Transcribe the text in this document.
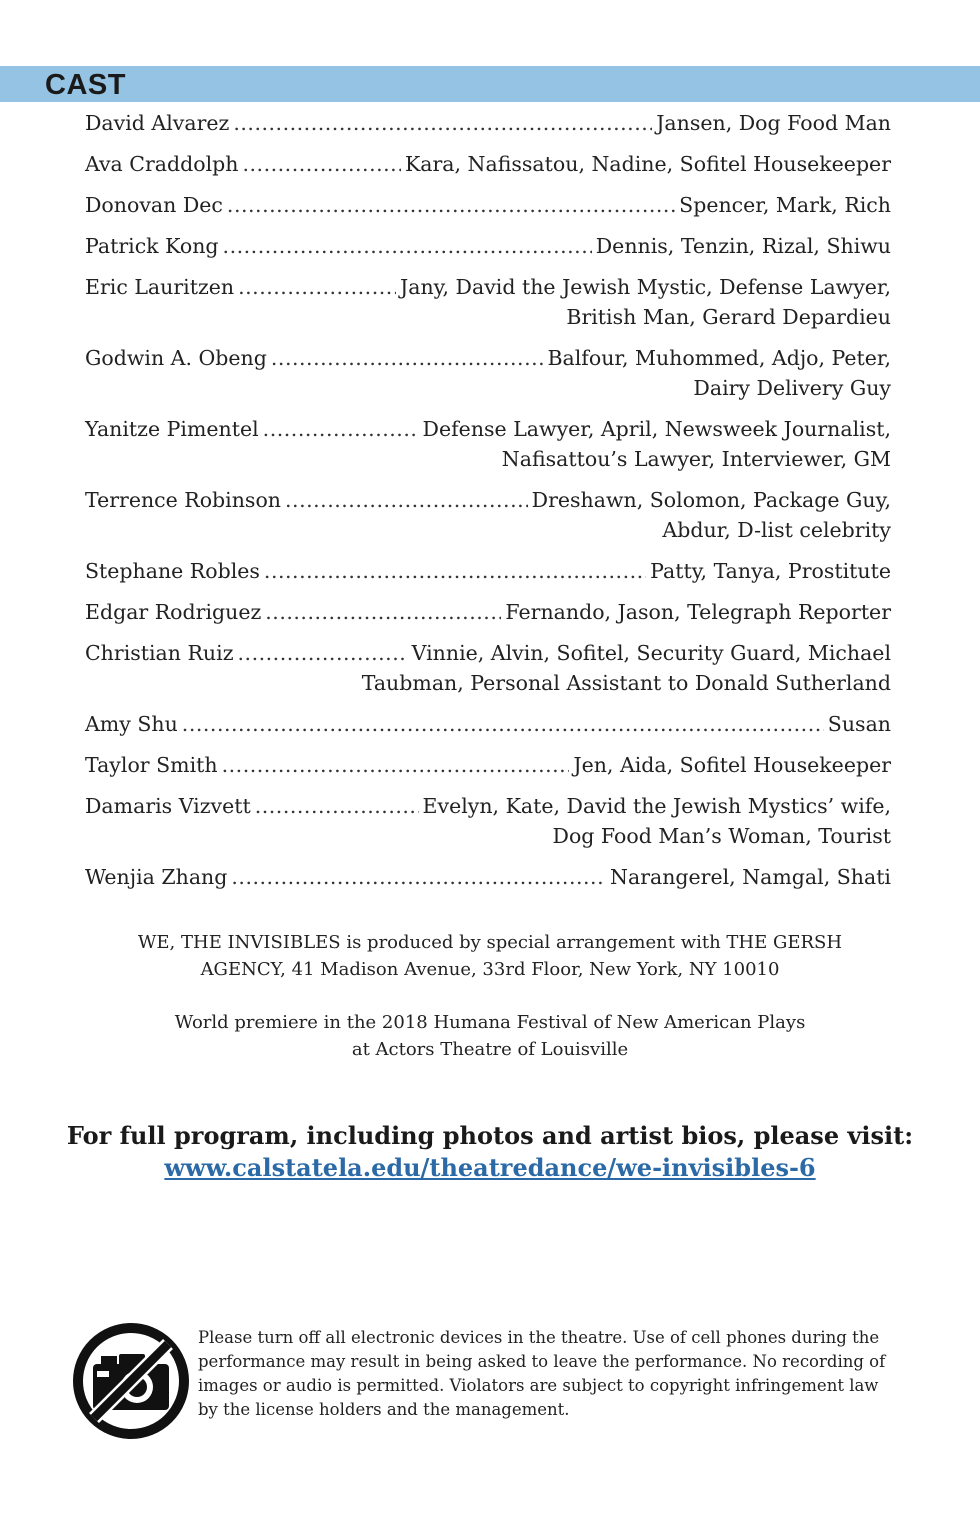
CAST
David Alvarez . . .	Jansen, Dog Food Man
Ava Craddolph . . .	Kara, Nafissatou, Nadine, Sofitel Housekeeper
Donovan Dec . . .	Spencer, Mark, Rich
Patrick Kong . . .	Dennis, Tenzin, Rizal, Shiwu
Eric Lauritzen . . .	Jany, David the Jewish Mystic, Defense Lawyer,
British Man, Gerard Depardieu
Godwin A. Obeng . . .	Balfour, Muhommed, Adjo, Peter,
Dairy Delivery Guy
Yanitze Pimentel . . .	Defense Lawyer, April, Newsweek Journalist,
Nafisattou’s Lawyer, Interviewer, GM
Terrence Robinson . . .	Dreshawn, Solomon, Package Guy,
Abdur, D-list celebrity
Stephane Robles . . .	Patty, Tanya, Prostitute
Edgar Rodriguez . . .	Fernando, Jason, Telegraph Reporter
Christian Ruiz . . .	Vinnie, Alvin, Sofitel, Security Guard, Michael
Taubman, Personal Assistant to Donald Sutherland
Amy Shu . . .	Susan
Taylor Smith . . .	Jen, Aida, Sofitel Housekeeper
Damaris Vizvett . . .	Evelyn, Kate, David the Jewish Mystics’ wife,
Dog Food Man’s Woman, Tourist
Wenjia Zhang . . .	Narangerel, Namgal, Shati
WE, THE INVISIBLES is produced by special arrangement with THE GERSH
AGENCY, 41 Madison Avenue, 33rd Floor, New York, NY 10010
World premiere in the 2018 Humana Festival of New American Plays
at Actors Theatre of Louisville
For full program, including photos and artist bios, please visit:
www.calstatela.edu/theatredance/we-invisibles-6
Please turn off all electronic devices in the theatre. Use of cell phones during the
performance may result in being asked to leave the performance. No recording of
images or audio is permitted. Violators are subject to copyright infringement law
by the license holders and the management.
